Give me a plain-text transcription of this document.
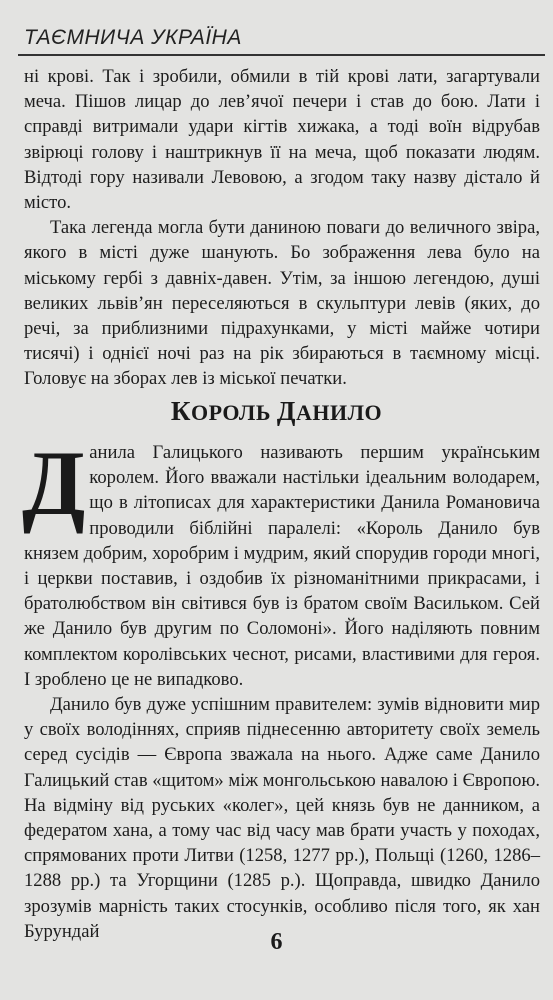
ТАЄМНИЧА УКРАЇНА

ні крові. Так і зробили, обмили в тій крові лати, загартували меча. Пішов лицар до лев’ячої печери і став до бою. Лати і справді витримали удари кігтів хижака, а тоді воїн відрубав звірюці голову і наштрикнув її на меча, щоб показати людям. Відтоді гору називали Левовою, а згодом таку назву дістало й місто.

Така легенда могла бути даниною поваги до величного звіра, якого в місті дуже шанують. Бо зображення лева було на міському гербі з давніх-давен. Утім, за іншою легендою, душі великих львів’ян переселяються в скульптури левів (яких, до речі, за приблизними підрахунками, у місті майже чотири тисячі) і однієї ночі раз на рік збираються в таємному місці. Головує на зборах лев із міської печатки.

КОРОЛЬ ДАНИЛО

Данила Галицького називають першим українським королем. Його вважали настільки ідеальним володарем, що в літописах для характеристики Данила Романовича проводили біблійні паралелі: «Король Данило був князем добрим, хоробрим і мудрим, який спорудив городи многі, і церкви поставив, і оздобив їх різноманітними прикрасами, і братолюбством він світився був із братом своїм Васильком. Сей же Данило був другим по Соломоні». Його наділяють повним комплектом королівських чеснот, рисами, властивими для героя. І зроблено це не випадково.

Данило був дуже успішним правителем: зумів відновити мир у своїх володіннях, сприяв піднесенню авторитету своїх земель серед сусідів — Європа зважала на нього. Адже саме Данило Галицький став «щитом» між монгольською навалою і Європою. На відміну від руських «колег», цей князь був не данником, а федератом хана, а тому час від часу мав брати участь у походах, спрямованих проти Литви (1258, 1277 рр.), Польщі (1260, 1286–1288 рр.) та Угорщини (1285 р.). Щоправда, швидко Данило зрозумів марність таких стосунків, особливо після того, як хан Бурундай	6
